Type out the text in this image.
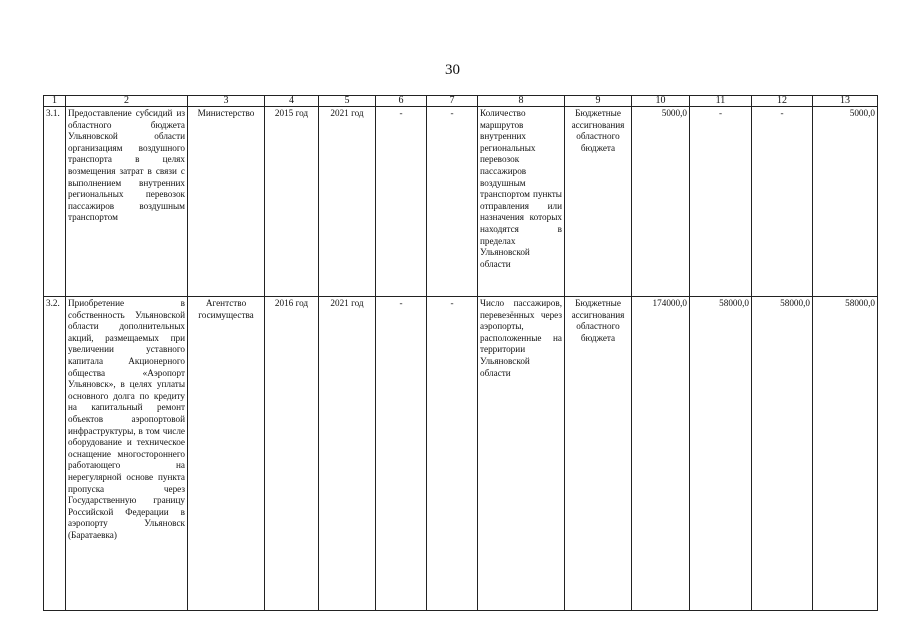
30
1	2	3	4	5	6	7	8	9	10	11	12	13
3.1.	Предоставление субсидий из областного бюджета Ульяновской области организациям воздушного транспорта в целях возмещения затрат в связи с выполнением внутренних региональных перевозок пассажиров воздушным транспортом	Министерство	2015 год	2021 год	-	-	Количество маршрутов внутренних региональных перевозок пассажиров воздушным транспортом пункты отправления или назначения которых находятся в пределах Ульяновской области	Бюджетные ассигнования областного бюджета	5000,0	-	-	5000,0
3.2.	Приобретение в собственность Ульяновской области дополнительных акций, размещаемых при увеличении уставного капитала Акционерного общества «Аэропорт Ульяновск», в целях уплаты основного долга по кредиту на капитальный ремонт объектов аэропортовой инфраструктуры, в том числе оборудование и техническое оснащение многостороннего работающего на нерегулярной основе пункта пропуска через Государственную границу Российской Федерации в аэропорту Ульяновск (Баратаевка)	Агентство госимущества	2016 год	2021 год	-	-	Число пассажиров, перевезённых через аэропорты, расположенные на территории Ульяновской области	Бюджетные ассигнования областного бюджета	174000,0	58000,0	58000,0	58000,0
